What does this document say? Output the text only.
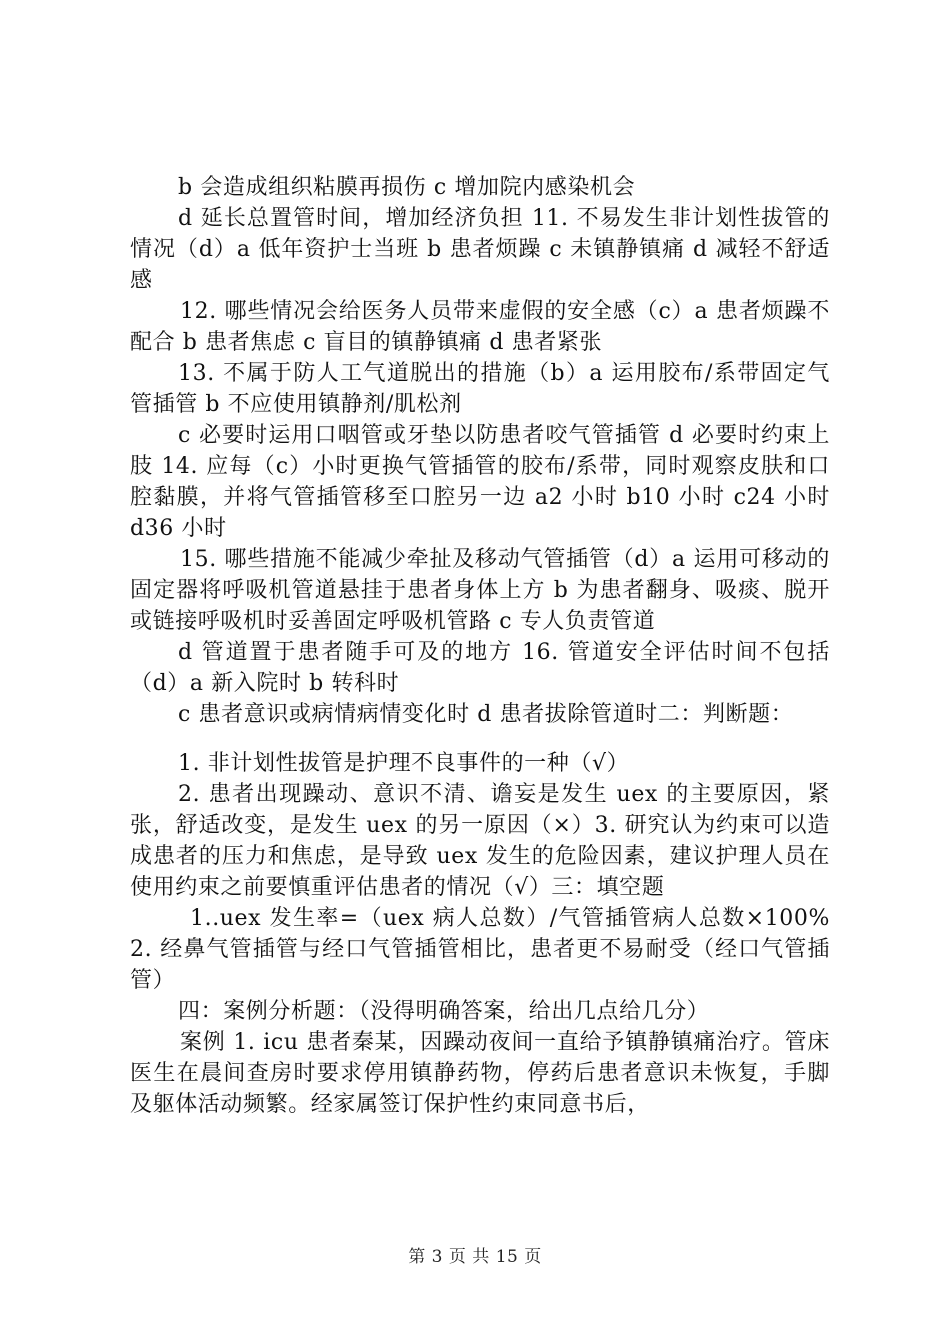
b 会造成组织粘膜再损伤 c 增加院内感染机会

d 延长总置管时间，增加经济负担 11. 不易发生非计划性拔管的情况（d）a 低年资护士当班 b 患者烦躁 c 未镇静镇痛 d 减轻不舒适感

12. 哪些情况会给医务人员带来虚假的安全感（c）a 患者烦躁不配合 b 患者焦虑 c 盲目的镇静镇痛 d 患者紧张

13. 不属于防人工气道脱出的措施（b）a 运用胶布/系带固定气管插管 b 不应使用镇静剂/肌松剂

c 必要时运用口咽管或牙垫以防患者咬气管插管 d 必要时约束上肢 14. 应每（c）小时更换气管插管的胶布/系带，同时观察皮肤和口腔黏膜，并将气管插管移至口腔另一边 a2 小时 b10 小时 c24 小时 d36 小时

15. 哪些措施不能减少牵扯及移动气管插管（d）a 运用可移动的固定器将呼吸机管道悬挂于患者身体上方 b 为患者翻身、吸痰、脱开或链接呼吸机时妥善固定呼吸机管路 c 专人负责管道

d 管道置于患者随手可及的地方 16. 管道安全评估时间不包括（d）a 新入院时 b 转科时

c 患者意识或病情病情变化时 d 患者拔除管道时二：判断题：

1. 非计划性拔管是护理不良事件的一种（√）

2. 患者出现躁动、意识不清、谵妄是发生 uex 的主要原因，紧张，舒适改变，是发生 uex 的另一原因（×）3. 研究认为约束可以造成患者的压力和焦虑，是导致 uex 发生的危险因素，建议护理人员在使用约束之前要慎重评估患者的情况（√）三：填空题

1..uex 发生率=（uex 病人总数）/气管插管病人总数×100%2. 经鼻气管插管与经口气管插管相比，患者更不易耐受（经口气管插管）

四：案例分析题：（没得明确答案，给出几点给几分）

案例 1. icu 患者秦某，因躁动夜间一直给予镇静镇痛治疗。管床医生在晨间查房时要求停用镇静药物，停药后患者意识未恢复，手脚及躯体活动频繁。经家属签订保护性约束同意书后，

第 3 页 共 15 页
